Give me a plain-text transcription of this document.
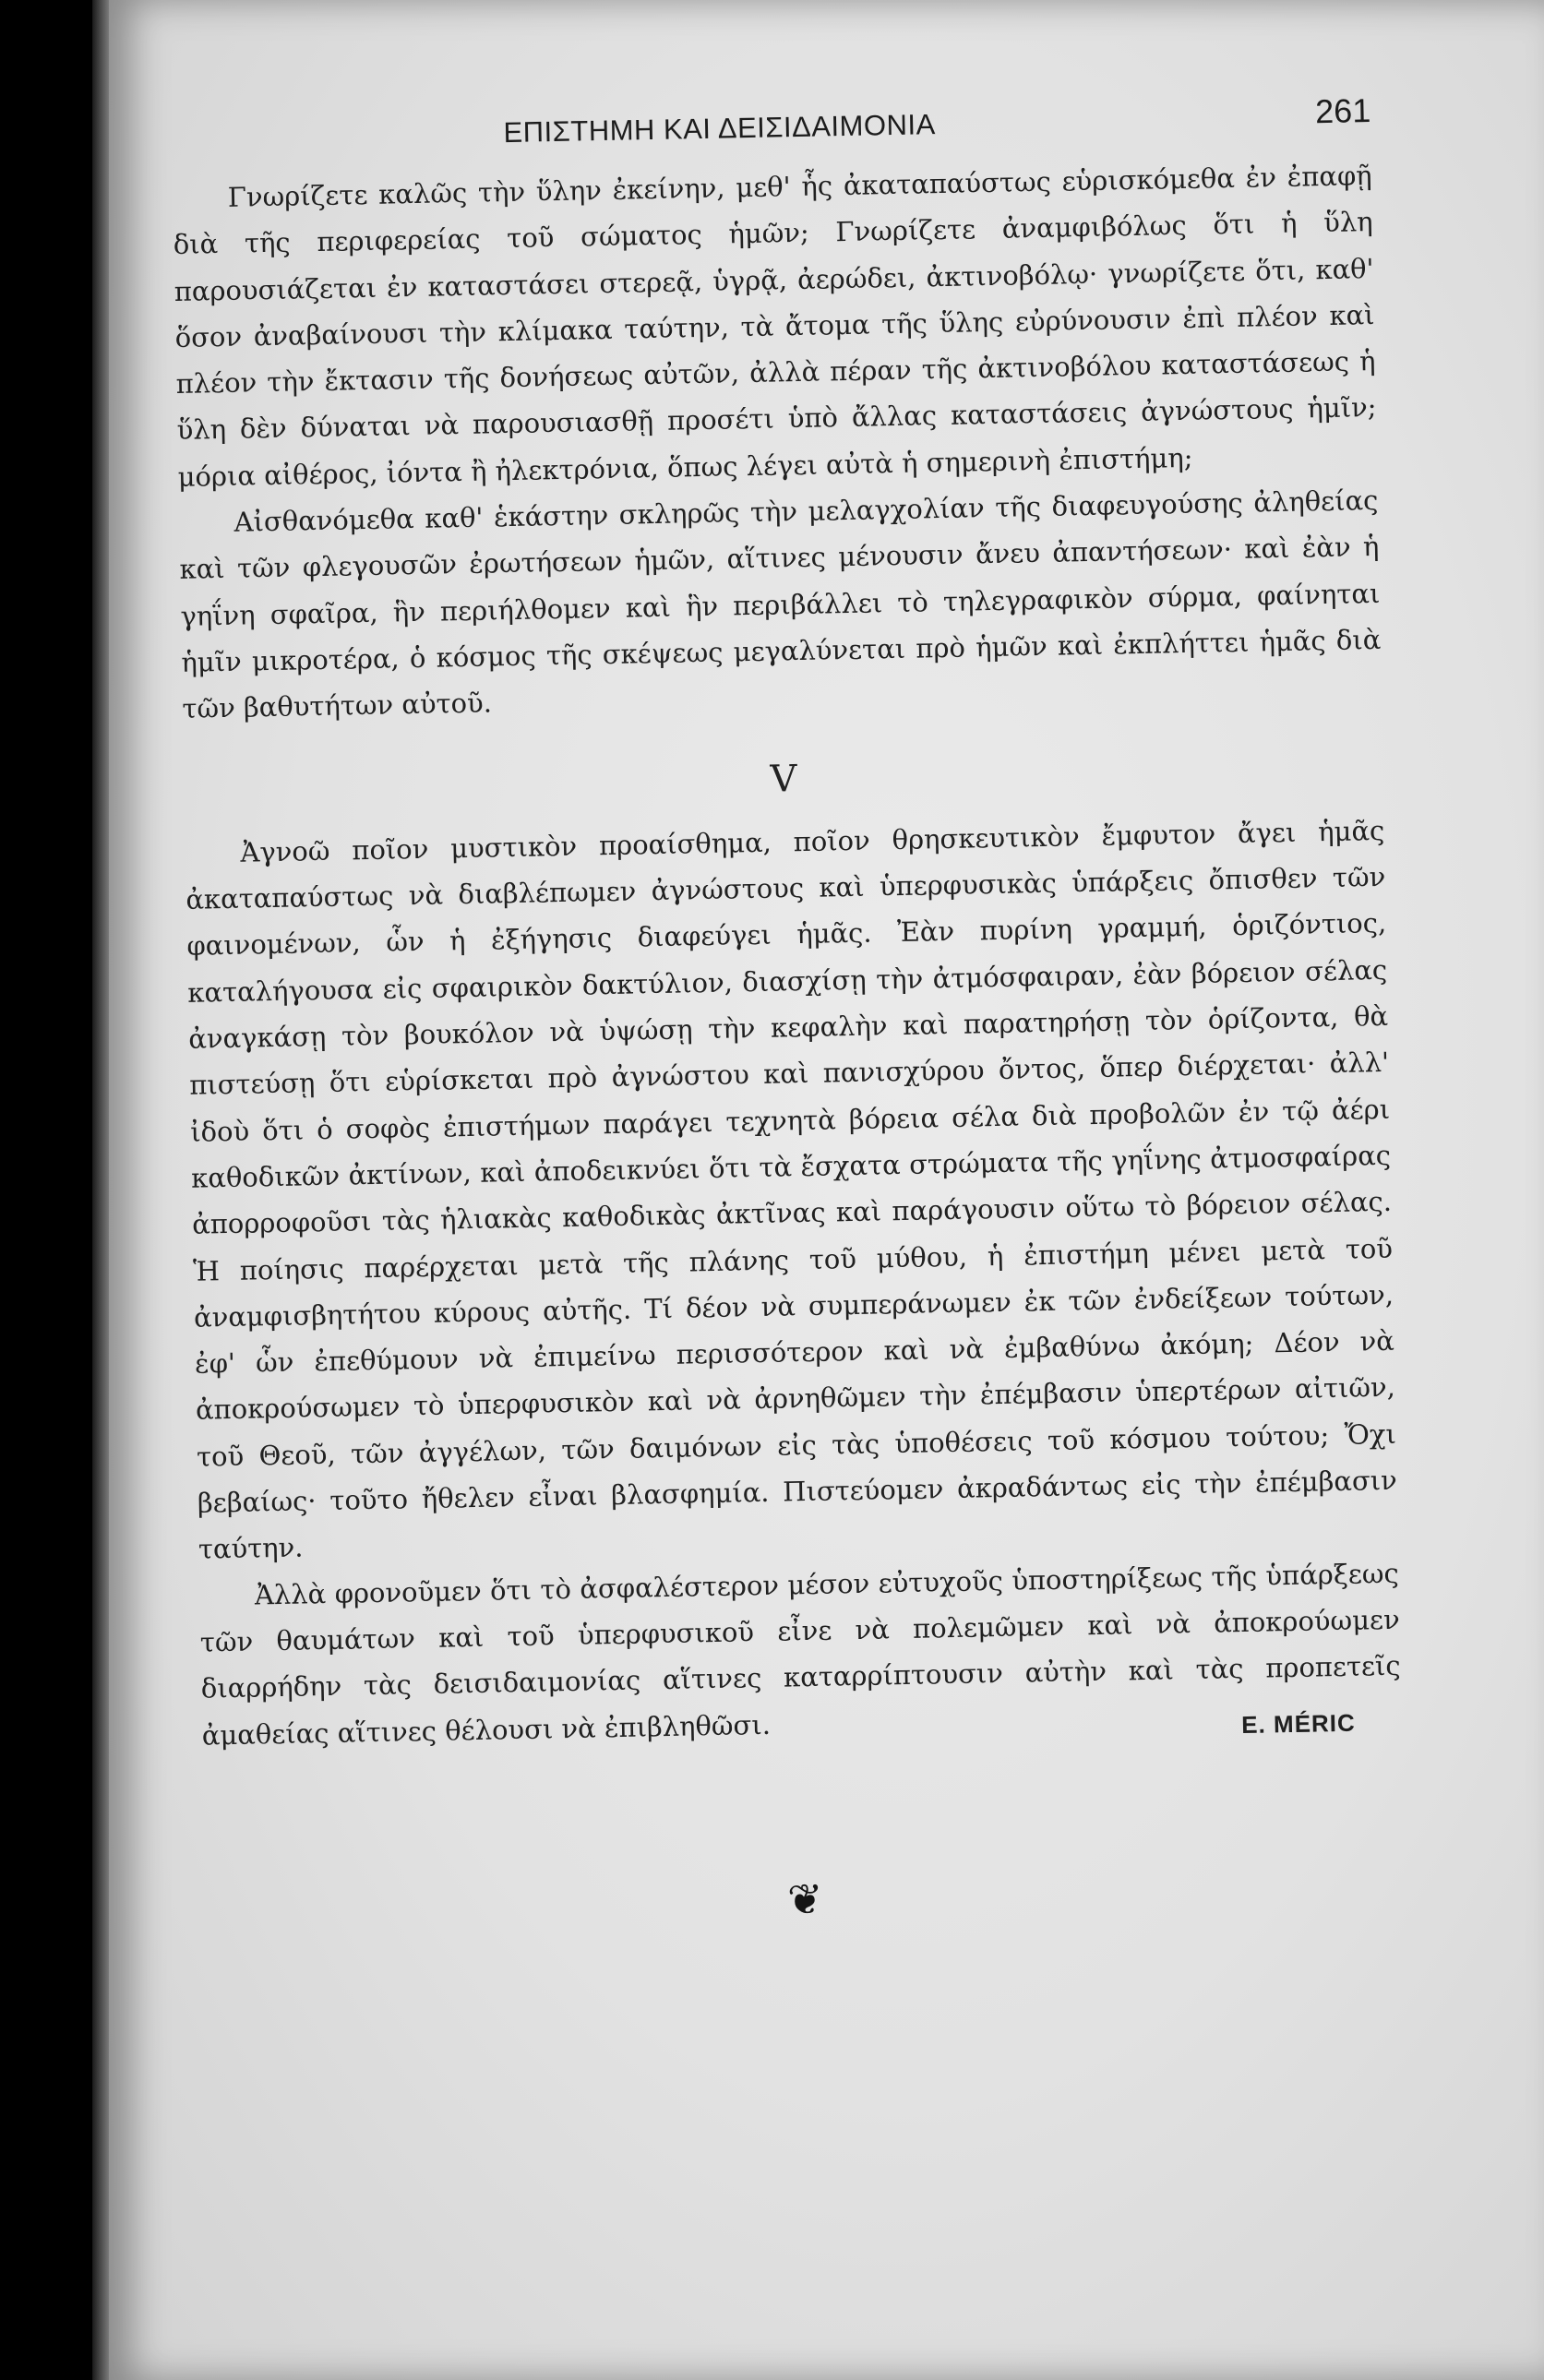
ΕΠΙΣΤΗΜΗ ΚΑΙ ΔΕΙΣΙΔΑΙΜΟΝΙΑ	261

Γνωρίζετε καλῶς τὴν ὕλην ἐκείνην, μεθ' ἧς ἀκαταπαύστως εὑρισκόμεθα ἐν ἐπαφῇ διὰ τῆς περιφερείας τοῦ σώματος ἡμῶν; Γνωρίζετε ἀναμφιβόλως ὅτι ἡ ὕλη παρουσιάζεται ἐν καταστάσει στερεᾷ, ὑγρᾷ, ἀερώδει, ἀκτινοβόλῳ· γνωρίζετε ὅτι, καθ' ὅσον ἀναβαίνουσι τὴν κλίμακα ταύτην, τὰ ἄτομα τῆς ὕλης εὐρύνουσιν ἐπὶ πλέον καὶ πλέον τὴν ἔκτασιν τῆς δονήσεως αὐτῶν, ἀλλὰ πέραν τῆς ἀκτινοβόλου καταστάσεως ἡ ὕλη δὲν δύναται νὰ παρουσιασθῇ προσέτι ὑπὸ ἄλλας καταστάσεις ἀγνώστους ἡμῖν; μόρια αἰθέρος, ἰόντα ἢ ἠλεκτρόνια, ὅπως λέγει αὐτὰ ἡ σημερινὴ ἐπιστήμη;

Αἰσθανόμεθα καθ' ἑκάστην σκληρῶς τὴν μελαγχολίαν τῆς διαφευγούσης ἀληθείας καὶ τῶν φλεγουσῶν ἐρωτήσεων ἡμῶν, αἵτινες μένουσιν ἄνευ ἀπαντήσεων· καὶ ἐὰν ἡ γηΐνη σφαῖρα, ἣν περιήλθομεν καὶ ἣν περιβάλλει τὸ τηλεγραφικὸν σύρμα, φαίνηται ἡμῖν μικροτέρα, ὁ κόσμος τῆς σκέψεως μεγαλύνεται πρὸ ἡμῶν καὶ ἐκπλήττει ἡμᾶς διὰ τῶν βαθυτήτων αὐτοῦ.

V

Ἀγνοῶ ποῖον μυστικὸν προαίσθημα, ποῖον θρησκευτικὸν ἔμφυτον ἄγει ἡμᾶς ἀκαταπαύστως νὰ διαβλέπωμεν ἀγνώστους καὶ ὑπερφυσικὰς ὑπάρξεις ὄπισθεν τῶν φαινομένων, ὧν ἡ ἐξήγησις διαφεύγει ἡμᾶς. Ἐὰν πυρίνη γραμμή, ὁριζόντιος, καταλήγουσα εἰς σφαιρικὸν δακτύλιον, διασχίσῃ τὴν ἀτμόσφαιραν, ἐὰν βόρειον σέλας ἀναγκάσῃ τὸν βουκόλον νὰ ὑψώσῃ τὴν κεφαλὴν καὶ παρατηρήσῃ τὸν ὁρίζοντα, θὰ πιστεύσῃ ὅτι εὑρίσκεται πρὸ ἀγνώστου καὶ πανισχύρου ὄντος, ὅπερ διέρχεται· ἀλλ' ἰδοὺ ὅτι ὁ σοφὸς ἐπιστήμων παράγει τεχνητὰ βόρεια σέλα διὰ προβολῶν ἐν τῷ ἀέρι καθοδικῶν ἀκτίνων, καὶ ἀποδεικνύει ὅτι τὰ ἔσχατα στρώματα τῆς γηΐνης ἀτμοσφαίρας ἀπορροφοῦσι τὰς ἡλιακὰς καθοδικὰς ἀκτῖνας καὶ παράγουσιν οὕτω τὸ βόρειον σέλας. Ἡ ποίησις παρέρχεται μετὰ τῆς πλάνης τοῦ μύθου, ἡ ἐπιστήμη μένει μετὰ τοῦ ἀναμφισβητήτου κύρους αὐτῆς. Τί δέον νὰ συμπεράνωμεν ἐκ τῶν ἐνδείξεων τούτων, ἐφ' ὧν ἐπεθύμουν νὰ ἐπιμείνω περισσότερον καὶ νὰ ἐμβαθύνω ἀκόμη; Δέον νὰ ἀποκρούσωμεν τὸ ὑπερφυσικὸν καὶ νὰ ἀρνηθῶμεν τὴν ἐπέμβασιν ὑπερτέρων αἰτιῶν, τοῦ Θεοῦ, τῶν ἀγγέλων, τῶν δαιμόνων εἰς τὰς ὑποθέσεις τοῦ κόσμου τούτου; Ὄχι βεβαίως· τοῦτο ἤθελεν εἶναι βλασφημία. Πιστεύομεν ἀκραδάντως εἰς τὴν ἐπέμβασιν ταύτην.

Ἀλλὰ φρονοῦμεν ὅτι τὸ ἀσφαλέστερον μέσον εὐτυχοῦς ὑποστηρίξεως τῆς ὑπάρξεως τῶν θαυμάτων καὶ τοῦ ὑπερφυσικοῦ εἶνε νὰ πολεμῶμεν καὶ νὰ ἀποκρούωμεν διαρρήδην τὰς δεισιδαιμονίας αἵτινες καταρρίπτουσιν αὐτὴν καὶ τὰς προπετεῖς ἀμαθείας αἵτινες θέλουσι νὰ ἐπιβληθῶσι.	E. MÉRIC
❦
